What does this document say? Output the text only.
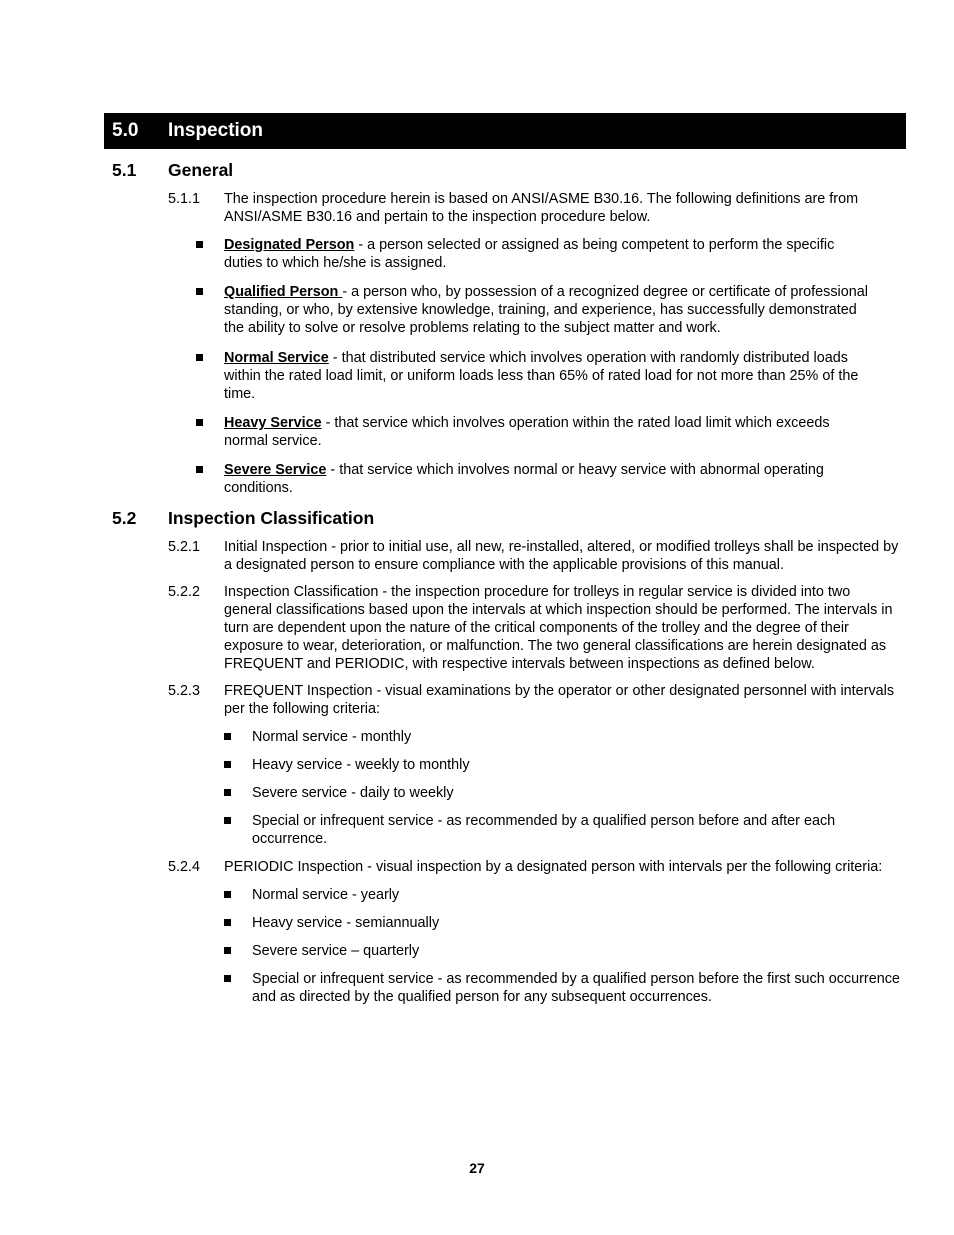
5.0 Inspection
5.1 General
5.1.1 The inspection procedure herein is based on ANSI/ASME B30.16. The following definitions are from ANSI/ASME B30.16 and pertain to the inspection procedure below.
Designated Person - a person selected or assigned as being competent to perform the specific duties to which he/she is assigned.
Qualified Person - a person who, by possession of a recognized degree or certificate of professional standing, or who, by extensive knowledge, training, and experience, has successfully demonstrated the ability to solve or resolve problems relating to the subject matter and work.
Normal Service - that distributed service which involves operation with randomly distributed loads within the rated load limit, or uniform loads less than 65% of rated load for not more than 25% of the time.
Heavy Service - that service which involves operation within the rated load limit which exceeds normal service.
Severe Service - that service which involves normal or heavy service with abnormal operating conditions.
5.2 Inspection Classification
5.2.1 Initial Inspection - prior to initial use, all new, re-installed, altered, or modified trolleys shall be inspected by a designated person to ensure compliance with the applicable provisions of this manual.
5.2.2 Inspection Classification - the inspection procedure for trolleys in regular service is divided into two general classifications based upon the intervals at which inspection should be performed. The intervals in turn are dependent upon the nature of the critical components of the trolley and the degree of their exposure to wear, deterioration, or malfunction. The two general classifications are herein designated as FREQUENT and PERIODIC, with respective intervals between inspections as defined below.
5.2.3 FREQUENT Inspection - visual examinations by the operator or other designated personnel with intervals per the following criteria:
Normal service - monthly
Heavy service - weekly to monthly
Severe service - daily to weekly
Special or infrequent service - as recommended by a qualified person before and after each occurrence.
5.2.4 PERIODIC Inspection - visual inspection by a designated person with intervals per the following criteria:
Normal service - yearly
Heavy service - semiannually
Severe service – quarterly
Special or infrequent service - as recommended by a qualified person before the first such occurrence and as directed by the qualified person for any subsequent occurrences.
27
